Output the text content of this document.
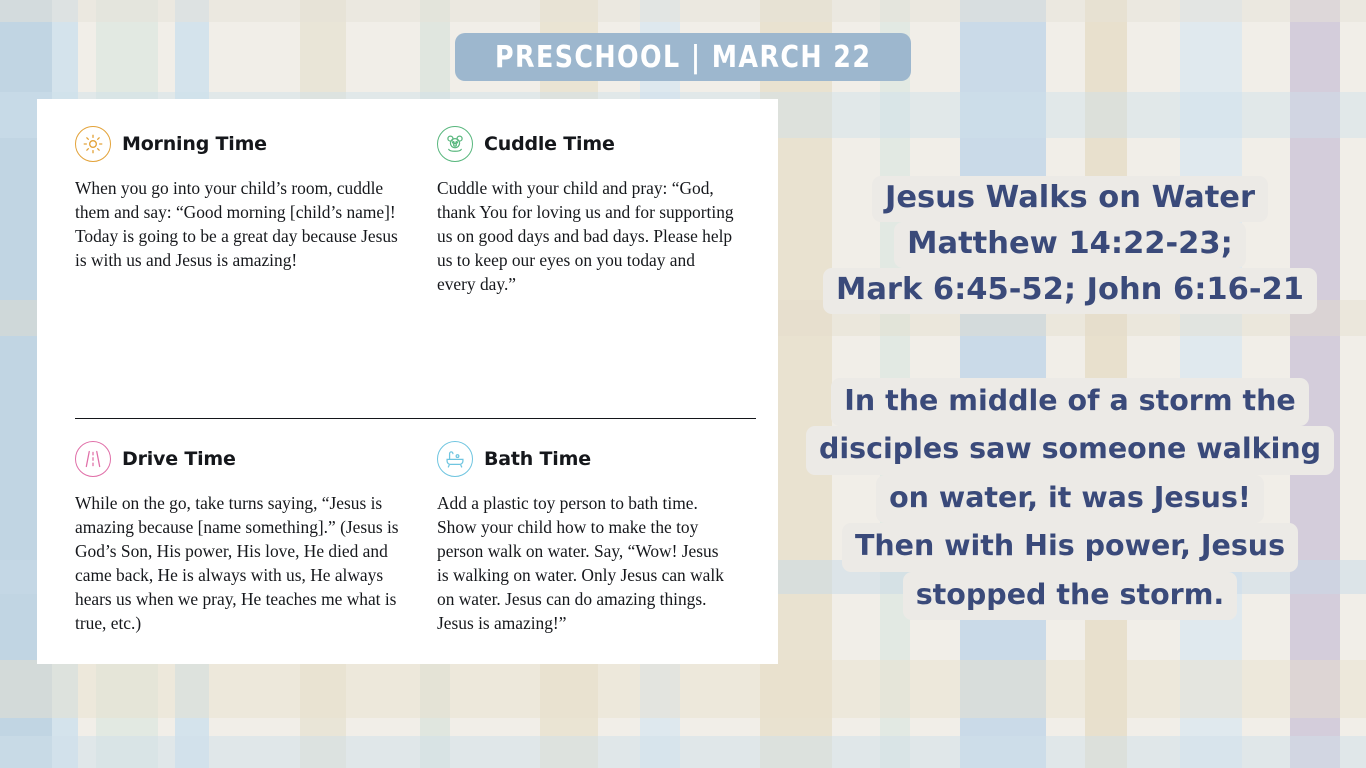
PRESCHOOL | MARCH 22
Morning Time
When you go into your child’s room, cuddle them and say: “Good morning [child’s name]! Today is going to be a great day because Jesus is with us and Jesus is amazing!
Cuddle Time
Cuddle with your child and pray: “God, thank You for loving us and for supporting us on good days and bad days. Please help us to keep our eyes on you today and every day.”
Drive Time
While on the go, take turns saying, “Jesus is amazing because [name something].” (Jesus is God’s Son, His power, His love, He died and came back, He is always with us, He always hears us when we pray, He teaches me what is true, etc.)
Bath Time
Add a plastic toy person to bath time. Show your child how to make the toy person walk on water. Say, “Wow! Jesus is walking on water. Only Jesus can walk on water. Jesus can do amazing things. Jesus is amazing!”
Jesus Walks on Water
Matthew 14:22-23;
Mark 6:45-52; John 6:16-21
In the middle of a storm the
disciples saw someone walking
on water, it was Jesus!
Then with His power, Jesus
stopped the storm.
